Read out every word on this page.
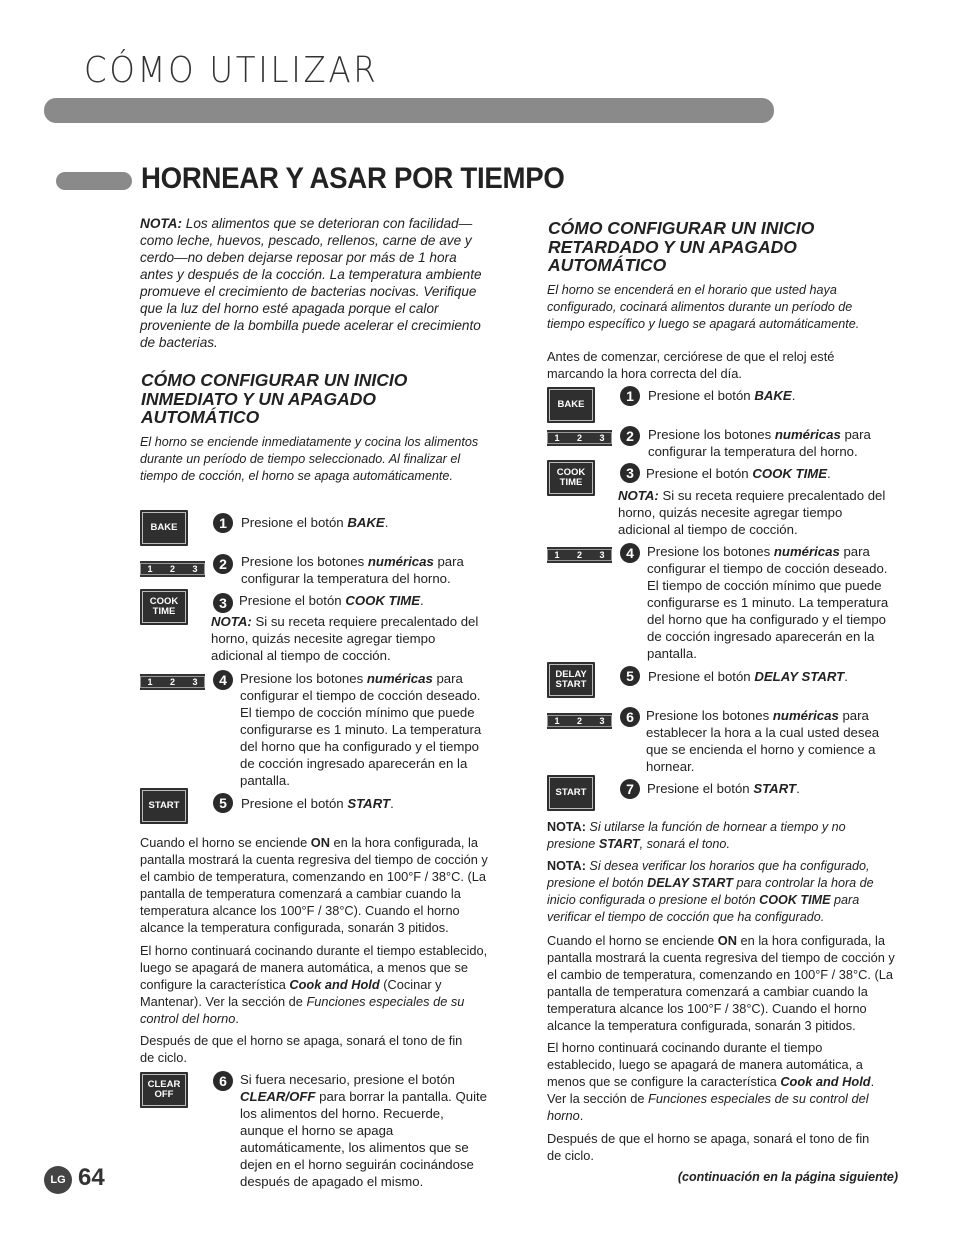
CÓMO UTILIZAR
HORNEAR Y ASAR POR TIEMPO
NOTA: Los alimentos que se deterioran con facilidad—como leche, huevos, pescado, rellenos, carne de ave y cerdo—no deben dejarse reposar por más de 1 hora antes y después de la cocción. La temperatura ambiente promueve el crecimiento de bacterias nocivas. Verifique que la luz del horno esté apagada porque el calor proveniente de la bombilla puede acelerar el crecimiento de bacterias.
CÓMO CONFIGURAR UN INICIO INMEDIATO Y UN APAGADO AUTOMÁTICO
El horno se enciende inmediatamente y cocina los alimentos durante un período de tiempo seleccionado. Al finalizar el tiempo de cocción, el horno se apaga automáticamente.
BAKE	1	Presione el botón BAKE.
1	2	3	2	Presione los botones numéricas para configurar la temperatura del horno.
COOK
TIME
3 Presione el botón COOK TIME.
NOTA: Si su receta requiere precalentado del horno, quizás necesite agregar tiempo adicional al tiempo de cocción.
1	2	3	4 Presione los botones numéricas para configurar el tiempo de cocción deseado. El tiempo de cocción mínimo que puede configurarse es 1 minuto. La temperatura del horno que ha configurado y el tiempo de cocción ingresado aparecerán en la pantalla.
START	5	Presione el botón START.
Cuando el horno se enciende ON en la hora configurada, la pantalla mostrará la cuenta regresiva del tiempo de cocción y el cambio de temperatura, comenzando en 100°F / 38°C. (La pantalla de temperatura comenzará a cambiar cuando la temperatura alcance los 100°F / 38°C). Cuando el horno alcance la temperatura configurada, sonarán 3 pitidos.
El horno continuará cocinando durante el tiempo establecido, luego se apagará de manera automática, a menos que se configure la característica Cook and Hold (Cocinar y Mantenar). Ver la sección de Funciones especiales de su control del horno.
Después de que el horno se apaga, sonará el tono de fin de ciclo.
CLEAR
OFF
6 Si fuera necesario, presione el botón CLEAR/OFF para borrar la pantalla. Quite los alimentos del horno. Recuerde, aunque el horno se apaga automáticamente, los alimentos que se dejen en el horno seguirán cocinándose después de apagado el mismo.
CÓMO CONFIGURAR UN INICIO RETARDADO Y UN APAGADO AUTOMÁTICO
El horno se encenderá en el horario que usted haya configurado, cocinará alimentos durante un período de tiempo específico y luego se apagará automáticamente.
Antes de comenzar, cerciórese de que el reloj esté marcando la hora correcta del día.
BAKE
1	Presione el botón BAKE.
1	2	3	2	Presione los botones numéricas para configurar la temperatura del horno.
COOK
TIME
3 Presione el botón COOK TIME.
NOTA: Si su receta requiere precalentado del horno, quizás necesite agregar tiempo adicional al tiempo de cocción.
1	2	3	4 Presione los botones numéricas para configurar el tiempo de cocción deseado. El tiempo de cocción mínimo que puede configurarse es 1 minuto. La temperatura del horno que ha configurado y el tiempo de cocción ingresado aparecerán en la pantalla.
DELAY
START
5	Presione el botón DELAY START.
1	2	3	6 Presione los botones numéricas para establecer la hora a la cual usted desea que se encienda el horno y comience a hornear.
START	7 Presione el botón START.
NOTA: Si utilarse la función de hornear a tiempo y no presione START, sonará el tono.
NOTA: Si desea verificar los horarios que ha configurado, presione el botón DELAY START para controlar la hora de inicio configurada o presione el botón COOK TIME para verificar el tiempo de cocción que ha configurado.
Cuando el horno se enciende ON en la hora configurada, la pantalla mostrará la cuenta regresiva del tiempo de cocción y el cambio de temperatura, comenzando en 100°F / 38°C. (La pantalla de temperatura comenzará a cambiar cuando la temperatura alcance los 100°F / 38°C). Cuando el horno alcance la temperatura configurada, sonarán 3 pitidos.
El horno continuará cocinando durante el tiempo establecido, luego se apagará de manera automática, a menos que se configure la característica Cook and Hold. Ver la sección de Funciones especiales de su control del horno.
Después de que el horno se apaga, sonará el tono de fin de ciclo.
LG 64	(continuación en la página siguiente)
